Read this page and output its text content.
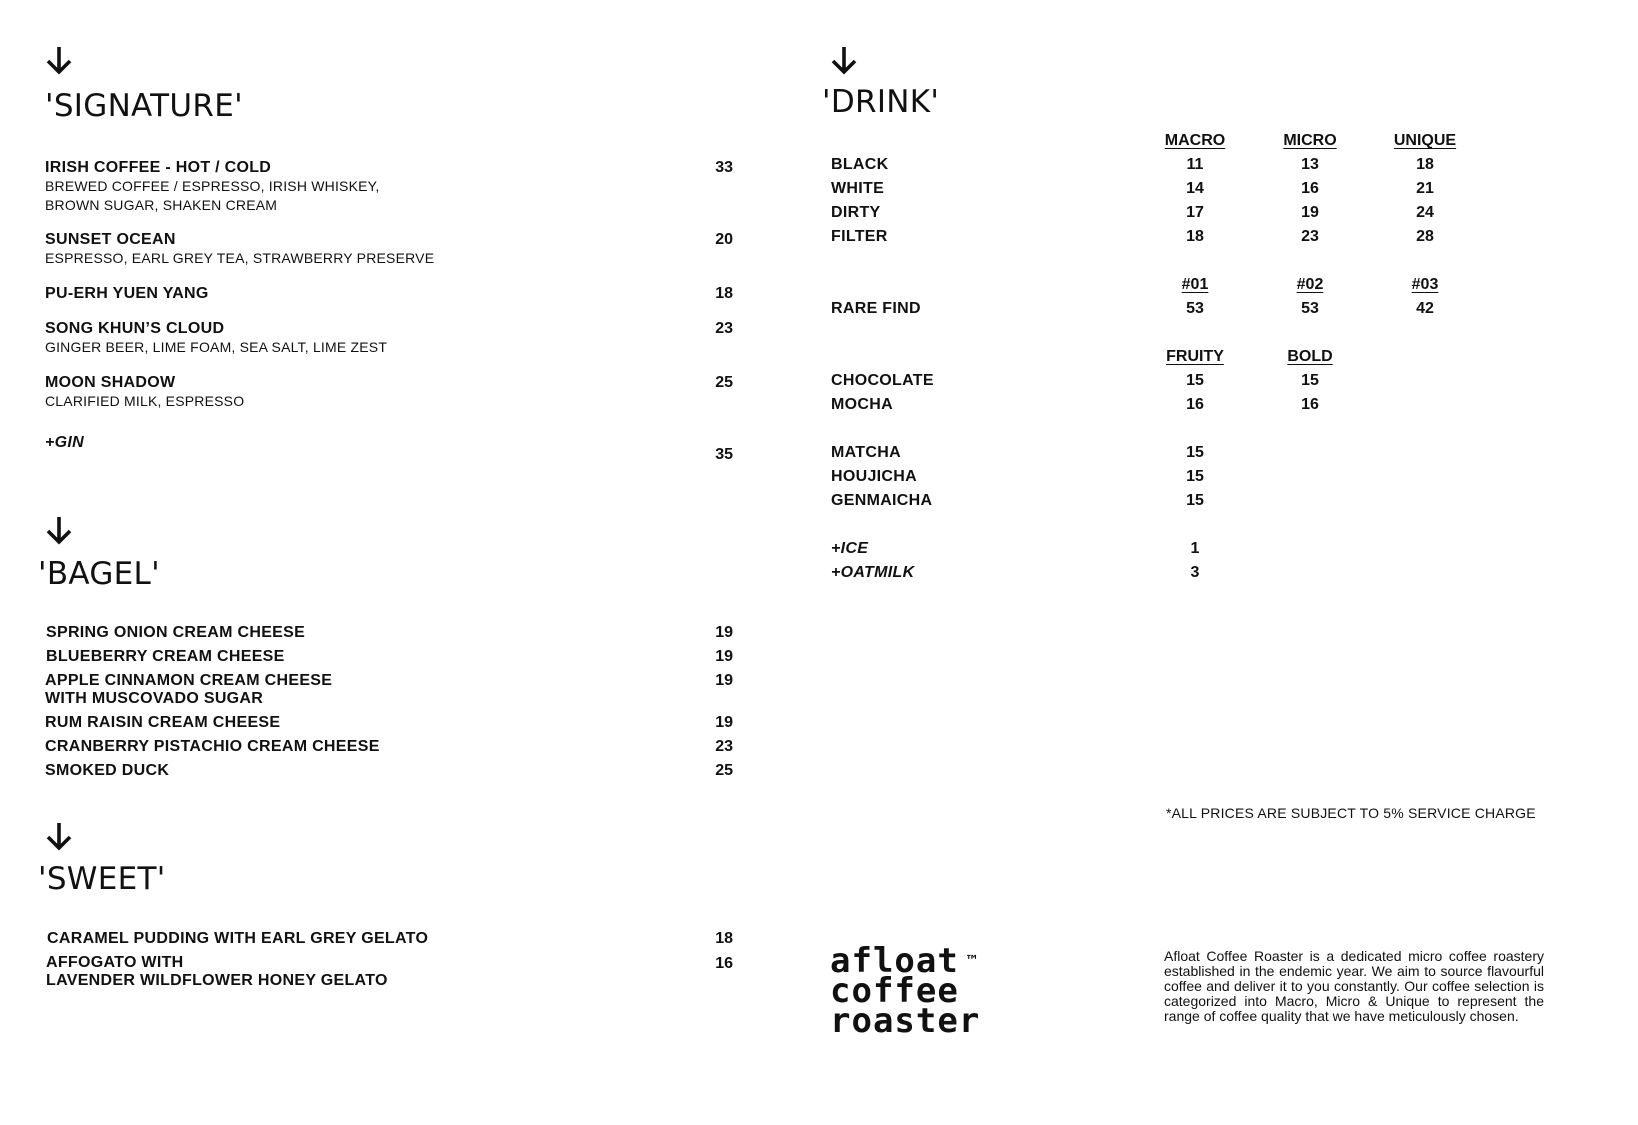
'SIGNATURE'
IRISH COFFEE - HOT / COLD
BREWED COFFEE / ESPRESSO, IRISH WHISKEY,
BROWN SUGAR, SHAKEN CREAM
33
SUNSET OCEAN
ESPRESSO, EARL GREY TEA, STRAWBERRY PRESERVE
20
PU-ERH YUEN YANG	18
SONG KHUN’S CLOUD
GINGER BEER, LIME FOAM, SEA SALT, LIME ZEST
23
MOON SHADOW
CLARIFIED MILK, ESPRESSO
25
+GIN
35
'BAGEL'
SPRING ONION CREAM CHEESE	19
BLUEBERRY CREAM CHEESE	19
APPLE CINNAMON CREAM CHEESE
WITH MUSCOVADO SUGAR
19
RUM RAISIN CREAM CHEESE	19
CRANBERRY PISTACHIO CREAM CHEESE	23
SMOKED DUCK	25
'SWEET'
CARAMEL PUDDING WITH EARL GREY GELATO	18
AFFOGATO WITH
LAVENDER WILDFLOWER HONEY GELATO
16
'DRINK'
MACRO	MICRO	UNIQUE
BLACK	11	13	18
WHITE	14	16	21
DIRTY	17	19	24
FILTER	18	23	28
#01	#02	#03
RARE FIND	53	53	42
FRUITY	BOLD
CHOCOLATE	15	15
MOCHA	16	16
MATCHA	15
HOUJICHA	15
GENMAICHA	15
+ICE	1
+OATMILK	3
*ALL PRICES ARE SUBJECT TO 5% SERVICE CHARGE
afloat ™
coffee
roaster
Afloat Coffee Roaster is a dedicated micro coffee roastery established in the endemic year. We aim to source flavourful coffee and deliver it to you constantly. Our coffee selection is categorized into Macro, Micro & Unique to represent the range of coffee quality that we have meticulously chosen.
